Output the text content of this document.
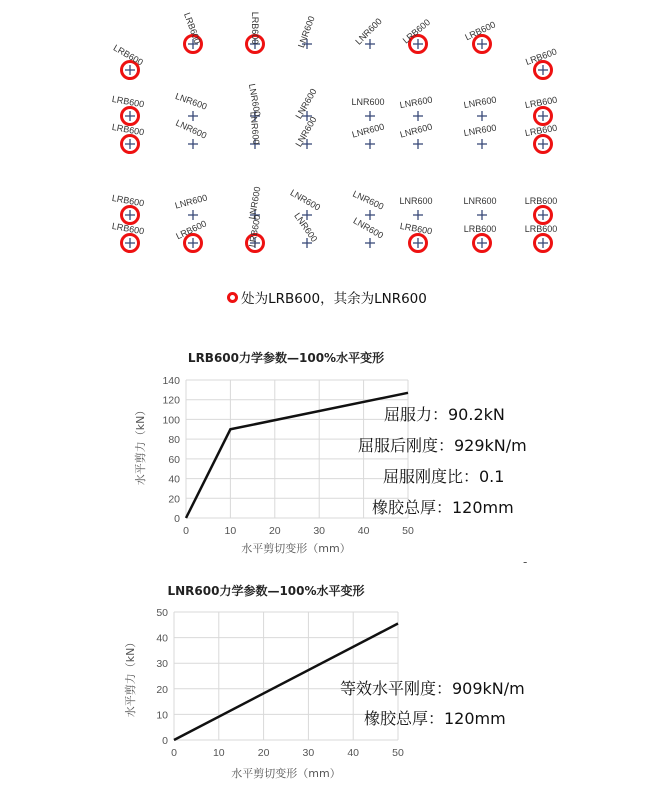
LRB600
LRB600	LRB600	LNR600	LNR600 LRB600	LRB600
LRB600
LRB600	LNR600	LNR600	LNR600	LNR600 LNR600	LNR600	LRB600
LRB600	LNR600	LNR600	LNR600	LNR600 LNR600	LNR600	LRB600
LRB600	LNR600	LNR600	LNR600	LNR600 LNR600	LNR600	LRB600
LRB600	LRB600	LRB600	LNR600	LNR600 LRB600	LRB600	LRB600
处为LRB600，其余为LNR600
LRB600力学参数—100%水平变形
0
20
40
60
80
100
120
140
0	10	20	30	40	50
水平剪切变形（mm）
水平剪力（kN）	屈服力：90.2kN
屈服后刚度：929kN/m
屈服刚度比：0.1
橡胶总厚：120mm
-
LNR600力学参数—100%水平变形
0
10
20
30
40
50
0	10	20	30	40	50
水平剪切变形（mm）
水平剪力（kN）	等效水平刚度：909kN/m
橡胶总厚：120mm
